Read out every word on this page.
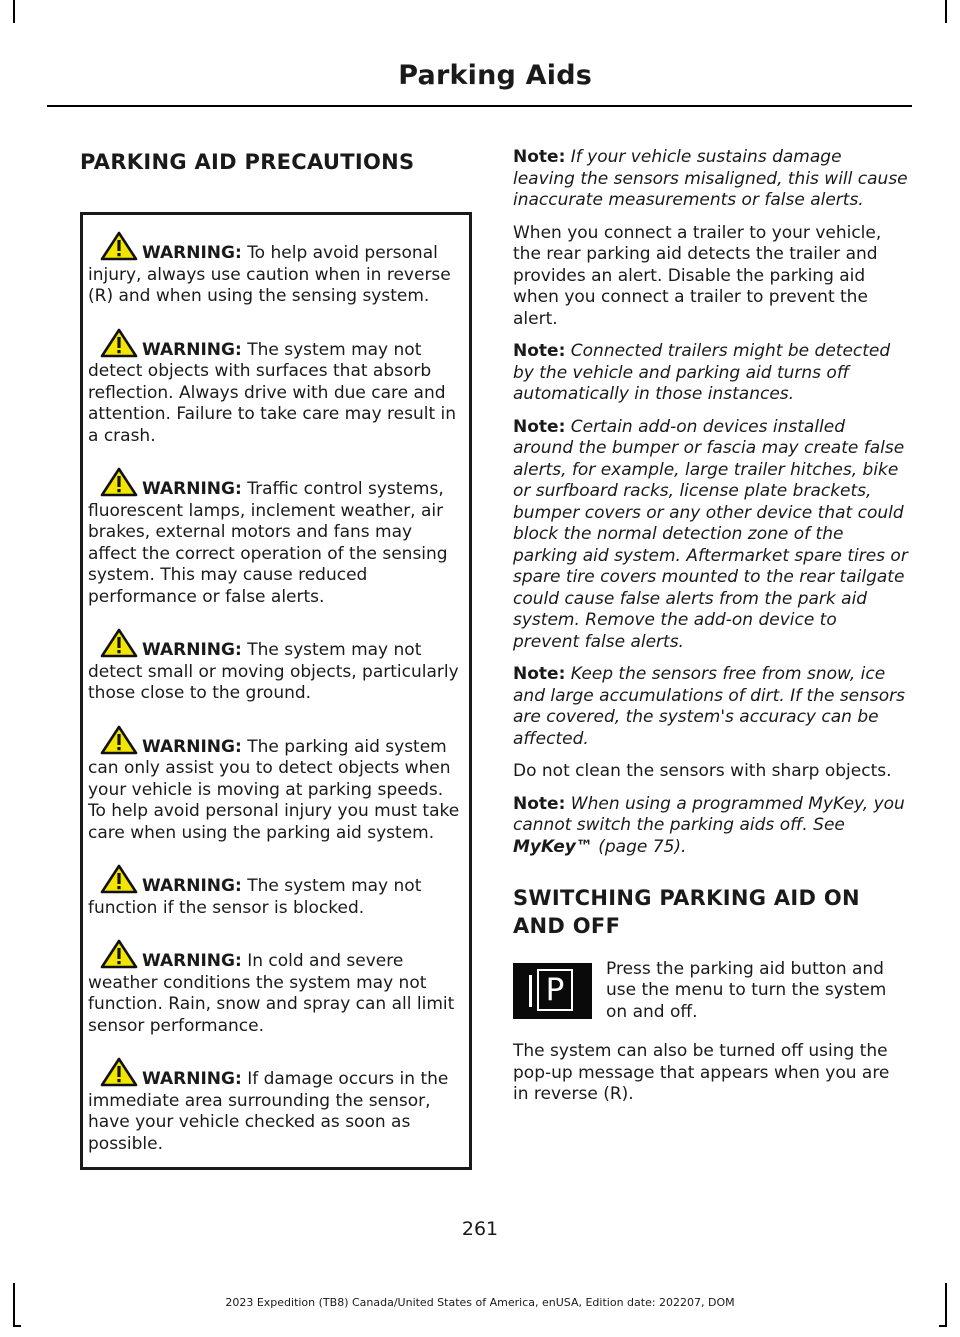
Parking Aids
PARKING AID PRECAUTIONS

WARNING: To help avoid personal injury, always use caution when in reverse (R) and when using the sensing system.

WARNING: The system may not detect objects with surfaces that absorb reflection. Always drive with due care and attention. Failure to take care may result in a crash.

WARNING: Traffic control systems, fluorescent lamps, inclement weather, air brakes, external motors and fans may affect the correct operation of the sensing system. This may cause reduced performance or false alerts.

WARNING: The system may not detect small or moving objects, particularly those close to the ground.

WARNING: The parking aid system can only assist you to detect objects when your vehicle is moving at parking speeds. To help avoid personal injury you must take care when using the parking aid system.

WARNING: The system may not function if the sensor is blocked.

WARNING: In cold and severe weather conditions the system may not function. Rain, snow and spray can all limit sensor performance.

WARNING: If damage occurs in the immediate area surrounding the sensor, have your vehicle checked as soon as possible.

Note: If your vehicle sustains damage leaving the sensors misaligned, this will cause inaccurate measurements or false alerts.

When you connect a trailer to your vehicle, the rear parking aid detects the trailer and provides an alert. Disable the parking aid when you connect a trailer to prevent the alert.

Note: Connected trailers might be detected by the vehicle and parking aid turns off automatically in those instances.

Note: Certain add-on devices installed around the bumper or fascia may create false alerts, for example, large trailer hitches, bike or surfboard racks, license plate brackets, bumper covers or any other device that could block the normal detection zone of the parking aid system. Aftermarket spare tires or spare tire covers mounted to the rear tailgate could cause false alerts from the park aid system. Remove the add-on device to prevent false alerts.

Note: Keep the sensors free from snow, ice and large accumulations of dirt. If the sensors are covered, the system's accuracy can be affected.

Do not clean the sensors with sharp objects.

Note: When using a programmed MyKey, you cannot switch the parking aids off. See MyKey™ (page 75).

SWITCHING PARKING AID ON AND OFF
P
Press the parking aid button and use the menu to turn the system on and off.

The system can also be turned off using the pop-up message that appears when you are in reverse (R).

261
2023 Expedition (TB8) Canada/United States of America, enUSA, Edition date: 202207, DOM
